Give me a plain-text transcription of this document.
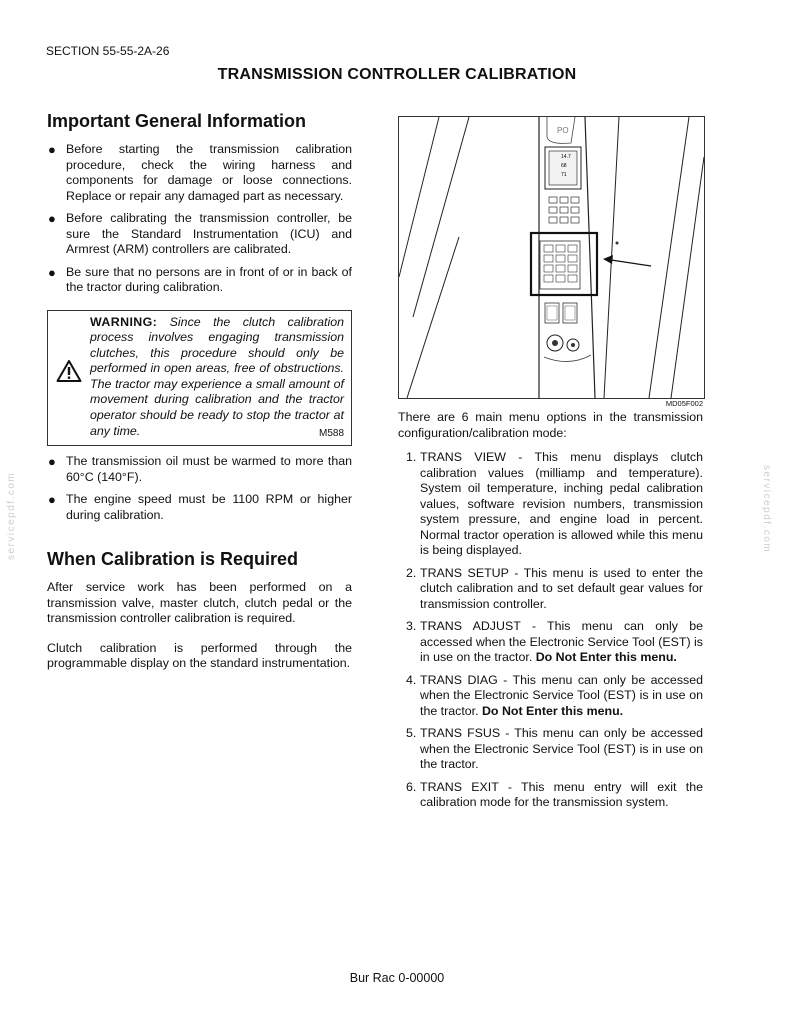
SECTION 55-55-2A-26
TRANSMISSION CONTROLLER CALIBRATION
servicepdf.com	servicepdf.com
Important General Information
● Before starting the transmission calibration procedure, check the wiring harness and components for damage or loose connections. Replace or repair any damaged part as necessary.
● Before calibrating the transmission controller, be sure the Standard Instrumentation (ICU) and Armrest (ARM) controllers are calibrated.
● Be sure that no persons are in front of or in back of the tractor during calibration.
WARNING: Since the clutch calibration process involves engaging transmission clutches, this procedure should only be performed in open areas, free of obstructions. The tractor may experience a small amount of movement during calibration and the tractor operator should be ready to stop the tractor at any time.	M588
● The transmission oil must be warmed to more than 60°C (140°F).
● The engine speed must be 1100 RPM or higher during calibration.
When Calibration is Required

After service work has been performed on a transmission valve, master clutch, clutch pedal or the transmission controller calibration is required.

Clutch calibration is performed through the programmable display on the standard instrumentation.

PO
14.7
68
71
MD05F002

There are 6 main menu options in the transmission configuration/calibration mode:

1. TRANS VIEW - This menu displays clutch calibration values (milliamp and temperature). System oil temperature, inching pedal calibration values, software revision numbers, transmission system pressure, and engine load in percent. Normal tractor operation is allowed while this menu is being displayed.
2. TRANS SETUP - This menu is used to enter the clutch calibration and to set default gear values for transmission controller.
3. TRANS ADJUST - This menu can only be accessed when the Electronic Service Tool (EST) is in use on the tractor. Do Not Enter this menu.
4. TRANS DIAG - This menu can only be accessed when the Electronic Service Tool (EST) is in use on the tractor. Do Not Enter this menu.
5. TRANS FSUS - This menu can only be accessed when the Electronic Service Tool (EST) is in use on the tractor.
6. TRANS EXIT - This menu entry will exit the calibration mode for the transmission system.
Bur Rac 0-00000
